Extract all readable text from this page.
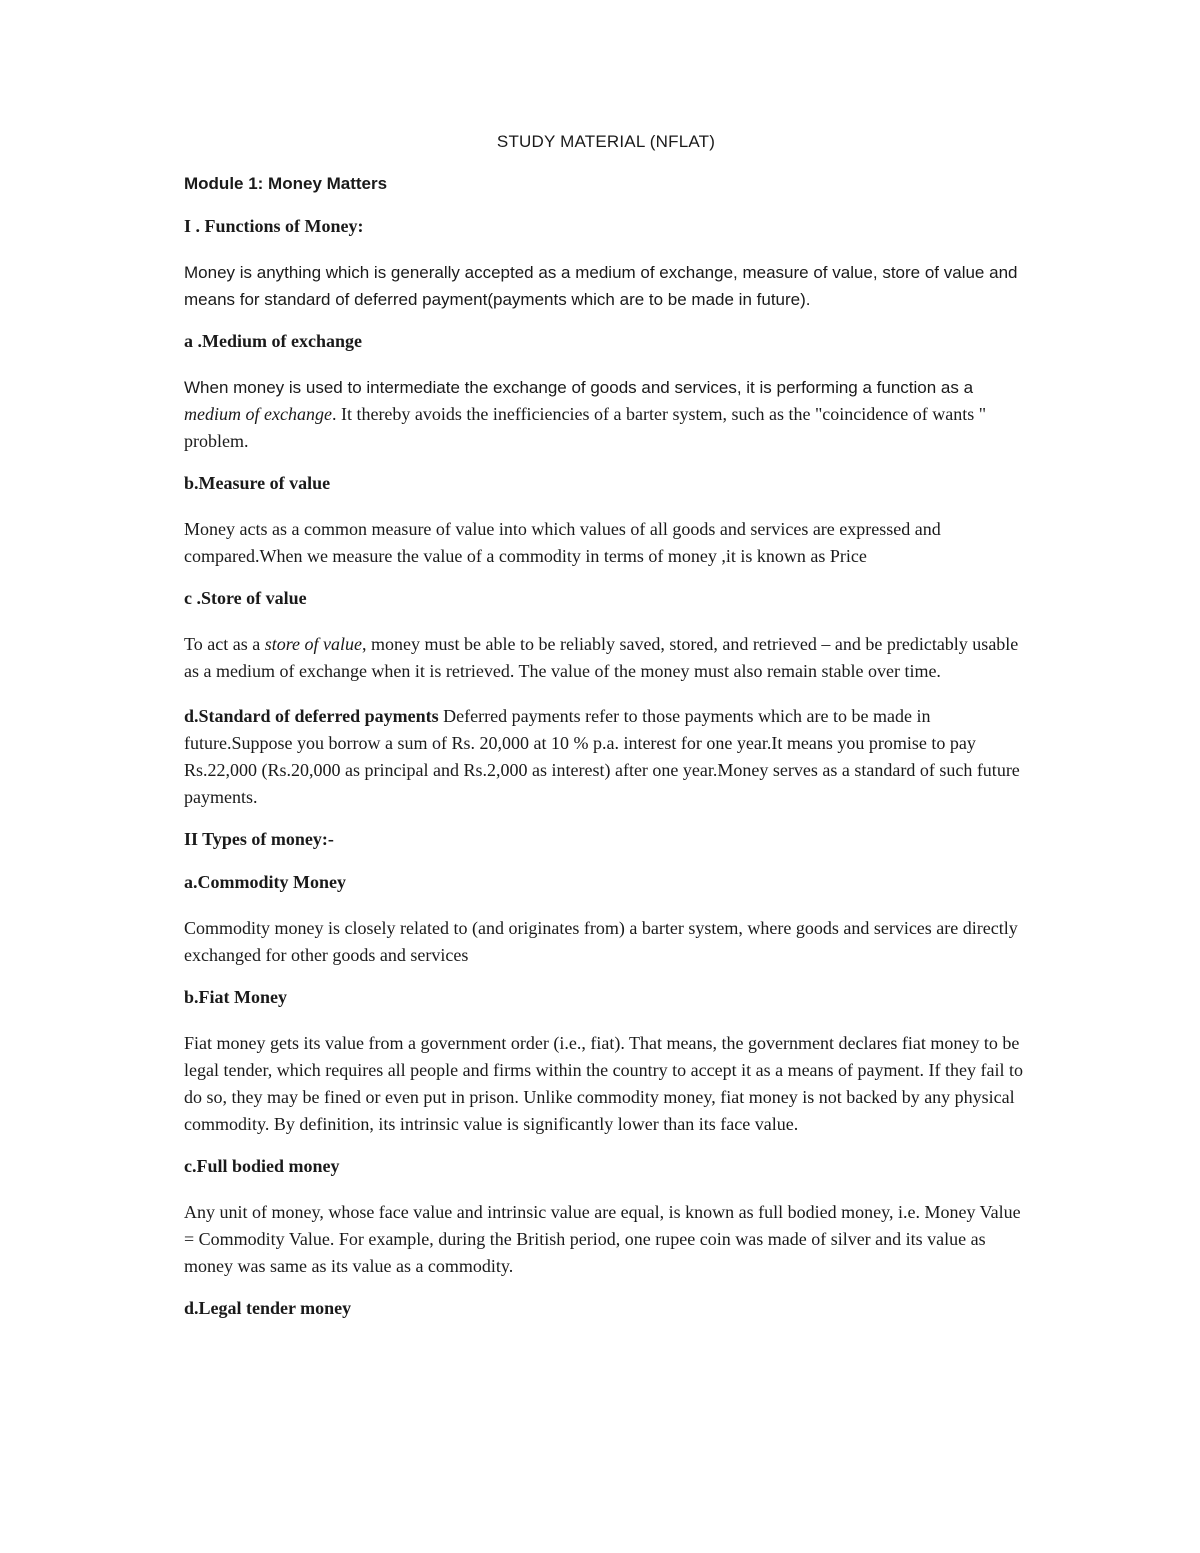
STUDY MATERIAL (NFLAT)
Module 1: Money Matters
I . Functions of Money:

Money is anything which is generally accepted as a medium of exchange, measure of value, store of value and means for standard of deferred payment(payments which are to be made in future).

a .Medium of exchange

When money is used to intermediate the exchange of goods and services, it is performing a function as a medium of exchange. It thereby avoids the inefficiencies of a barter system, such as the "coincidence of wants " problem.

b.Measure of value

Money acts as a common measure of value into which values of all goods and services are expressed and compared.When we measure the value of a commodity in terms of money ,it is known as Price

c .Store of value

To act as a store of value, money must be able to be reliably saved, stored, and retrieved – and be predictably usable as a medium of exchange when it is retrieved. The value of the money must also remain stable over time.

d.Standard of deferred payments Deferred payments refer to those payments which are to be made in future.Suppose you borrow a sum of Rs. 20,000 at 10 % p.a. interest for one year.It means you promise to pay Rs.22,000 (Rs.20,000 as principal and Rs.2,000 as interest) after one year.Money serves as a standard of such future payments.

II Types of money:-
a.Commodity Money

Commodity money is closely related to (and originates from) a barter system, where goods and services are directly exchanged for other goods and services

b.Fiat Money

Fiat money gets its value from a government order (i.e., fiat). That means, the government declares fiat money to be legal tender, which requires all people and firms within the country to accept it as a means of payment. If they fail to do so, they may be fined or even put in prison. Unlike commodity money, fiat money is not backed by any physical commodity. By definition, its intrinsic value is significantly lower than its face value.

c.Full bodied money

Any unit of money, whose face value and intrinsic value are equal, is known as full bodied money, i.e. Money Value = Commodity Value. For example, during the British period, one rupee coin was made of silver and its value as money was same as its value as a commodity.

d.Legal tender money
